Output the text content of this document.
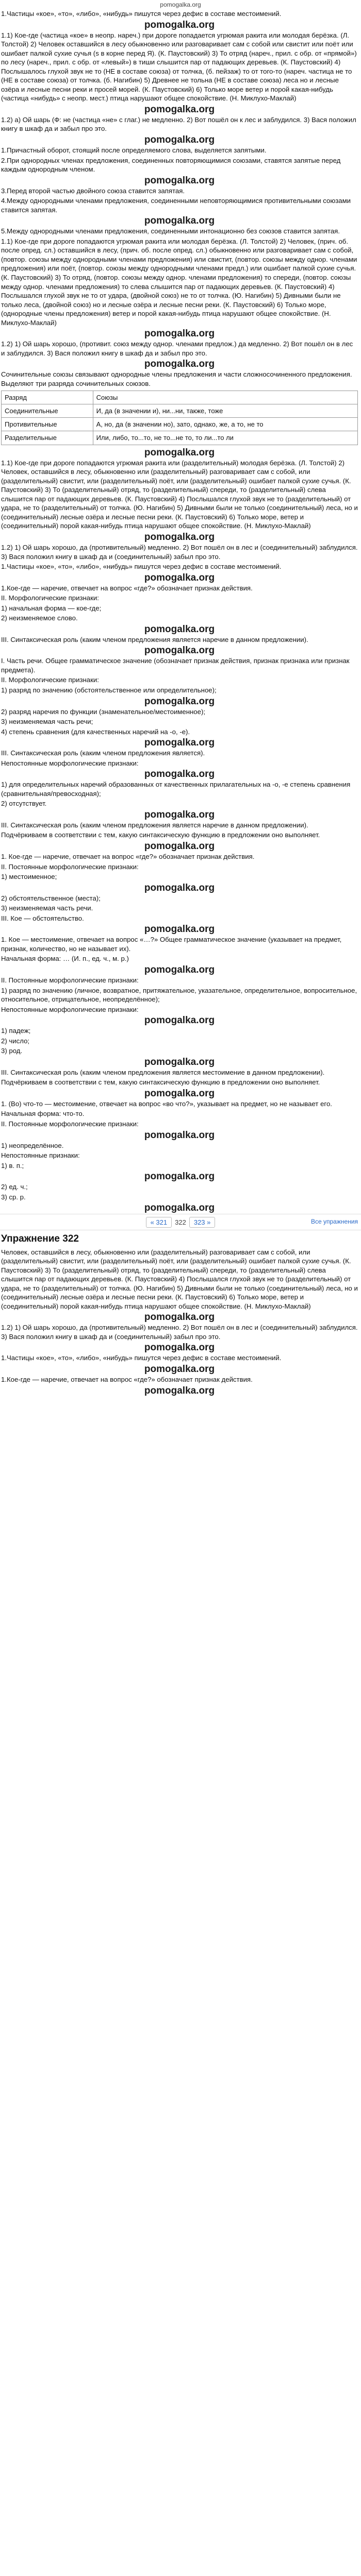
pomogalka.org

1.Частицы «кое», «то», «либо», «нибудь» пишутся через дефис в составе местоимений.

pomogalka.org

1.1) Кое-где (частица «кое» в неопр. нареч.) при дороге попадается угрюмая ракита или молодая берёзка. (Л. Толстой) 2) Человек оставшийся в лесу обыкновенно или разговаривает сам с собой или свистит или поёт или ошибает палкой сухие сучья (s в корне перед Я). (К. Паустовский) 3) То отряд (нареч., прил. с обр. от «прямой») по лесу (нареч., прил. с обр. от «левый») в тиши слышится пар от падающих деревьев. (К. Паустовский) 4) Послышалось глухой звук не то (НЕ в составе союза) от толчка, (б. пейзаж) то от того-то (нареч. частица не то (НЕ в составе союза) от толчка. (б. Нагибин) 5) Древнее не тольна (НЕ в составе союза) леса но и лесные озёра и лесные песни реки и просей морей. (К. Паустовский) 6) Только море ветер и порой какая-нибудь (частица «нибудь» с неопр. мест.) птица нарушают общее спокойствие. (Н. Миклухо-Маклай)

pomogalka.org

1.2) а) Ой шарь (Ф: не (частица «не» с глаг.) не медленно. 2) Вот пошёл он к лес и заблудился. 3) Вася положил книгу в шкаф да и забыл про это.

pomogalka.org

1.Причастный оборот, стоящий после определяемого слова, выделяется запятыми.

2.При однородных членах предложения, соединенных повторяющимися союзами, ставятся запятые перед каждым однородным членом.

pomogalka.org

3.Перед второй частью двойного союза ставится запятая.

4.Между однородными членами предложения, соединенными неповторяющимися противительными союзами ставится запятая.

pomogalka.org

5.Между однородными членами предложения, соединенными интонационно без союзов ставится запятая.

1.1) Кое-где при дороге попадаются угрюмая ракита или молодая берёзка. (Л. Толстой) 2) Человек, (прич. об. после опред. сл.) оставшийся в лесу, (прич. об. после опред. сл.) обыкновенно или разговаривает сам с собой, (повтор. союзы между однородными членами предложения) или свистит, (повтор. союзы между однор. членами предложения) или поёт, (повтор. союзы между однородными членами предл.) или ошибает палкой сухие сучья. (К. Паустовский) 3) То отряд, (повтор. союзы между однор. членами предложения) то спереди, (повтор. союзы между однор. членами предложения) то слева слышится пар от падающих деревьев. (К. Паустовский) 4) Послышался глухой звук не то от удара, (двойной союз) не то от толчка. (Ю. Нагибин) 5) Дивными были не только леса, (двойной союз) но и лесные озёра и лесные песни реки. (К. Паустовский) 6) Только море, (однородные члены предложения) ветер и порой какая-нибудь птица нарушают общее спокойствие. (Н. Миклухо-Маклай)

pomogalka.org

1.2) 1) Ой шарь хорошо, (противит. союз между однор. членами предлож.) да медленно. 2) Вот пошёл он в лес и заблудился. 3) Вася положил книгу в шкаф да и забыл про это.

pomogalka.org

Сочинительные союзы связывают однородные члены предложения и части сложносочиненного предложения. Выделяют три разряда сочинительных союзов.

Разряд	Союзы
Соединительные	И, да (в значении и), ни...ни, также, тоже
Противительные	А, но, да (в значении но), зато, однако, же, а то, не то
Разделительные	Или, либо, то...то, не то...не то, то ли...то ли
pomogalka.org

1.1) Кое-где при дороге попадаются угрюмая ракита или (разделительный) молодая берёзка. (Л. Толстой) 2) Человек, оставшийся в лесу, обыкновенно или (разделительный) разговаривает сам с собой, или (разделительный) свистит, или (разделительный) поёт, или (разделительный) ошибает палкой сухие сучья. (К. Паустовский) 3) То (разделительный) отряд, то (разделительный) спереди, то (разделительный) слева слышится пар от падающих деревьев. (К. Паустовский) 4) Послышался глухой звук не то (разделительный) от удара, не то (разделительный) от толчка. (Ю. Нагибин) 5) Дивными были не только (соединительный) леса, но и (соединительный) лесные озёра и лесные песни реки. (К. Паустовский) 6) Только море, ветер и (соединительный) порой какая-нибудь птица нарушают общее спокойствие. (Н. Миклухо-Маклай)

pomogalka.org

1.2) 1) Ой шарь хорошо, да (противительный) медленно. 2) Вот пошёл он в лес и (соединительный) заблудился. 3) Вася положил книгу в шкаф да и (соединительный) забыл про это.

1.Частицы «кое», «то», «либо», «нибудь» пишутся через дефис в составе местоимений.

pomogalka.org

1.Кое-где — наречие, отвечает на вопрос «где?» обозначает признак действия.

II. Морфологические признаки:

1) начальная форма — кое-где;

2) неизменяемое слово.

pomogalka.org

III. Синтаксическая роль (каким членом предложения является наречие в данном предложении).

pomogalka.org

I. Часть речи. Общее грамматическое значение (обозначает признак действия, признак признака или признак предмета).

II. Морфологические признаки:

1) разряд по значению (обстоятельственное или определительное);

pomogalka.org

2) разряд наречия по функции (знаменательное/местоименное);

3) неизменяемая часть речи;

4) степень сравнения (для качественных наречий на -о, -е).

pomogalka.org

III. Синтаксическая роль (каким членом предложения является).

Непостоянные морфологические признаки:

pomogalka.org

1) для определительных наречий образованных от качественных прилагательных на -о, -е степень сравнения (сравнительная/превосходная);

2) отсутствует.

pomogalka.org

III. Синтаксическая роль (каким членом предложения является наречие в данном предложении).

Подчёркиваем в соответствии с тем, какую синтаксическую функцию в предложении оно выполняет.

pomogalka.org

1. Кое-где — наречие, отвечает на вопрос «где?» обозначает признак действия.

II. Постоянные морфологические признаки:

1) местоименное;

pomogalka.org

2) обстоятельственное (места);

3) неизменяемая часть речи.

III. Кое — обстоятельство.

pomogalka.org

1. Кое — местоимение, отвечает на вопрос «…?» Общее грамматическое значение (указывает на предмет, признак, количество, но не называет их).

Начальная форма: … (И. п., ед. ч., м. р.)

pomogalka.org

II. Постоянные морфологические признаки:

1) разряд по значению (личное, возвратное, притяжательное, указательное, определительное, вопросительное, относительное, отрицательное, неопределённое);

Непостоянные морфологические признаки:

pomogalka.org

1) падеж;

2) число;

3) род.

pomogalka.org

III. Синтаксическая роль (каким членом предложения является местоимение в данном предложении).

Подчёркиваем в соответствии с тем, какую синтаксическую функцию в предложении оно выполняет.

pomogalka.org

1. (Во) что-то — местоимение, отвечает на вопрос «во что?», указывает на предмет, но не называет его.

Начальная форма: что-то.

II. Постоянные морфологические признаки:

pomogalka.org

1) неопределённое.

Непостоянные признаки:

1) в. п.;

pomogalka.org

2) ед. ч.;

3) ср. р.

pomogalka.org
« 321	322	323 »	Все упражнения
Упражнение 322

Человек, оставшийся в лесу, обыкновенно или (разделительный) разговаривает сам с собой, или (разделительный) свистит, или (разделительный) поёт, или (разделительный) ошибает палкой сухие сучья. (К. Паустовский) 3) То (разделительный) отряд, то (разделительный) спереди, то (разделительный) слева слышится пар от падающих деревьев. (К. Паустовский) 4) Послышался глухой звук не то (разделительный) от удара, не то (разделительный) от толчка. (Ю. Нагибин) 5) Дивными были не только (соединительный) леса, но и (соединительный) лесные озёра и лесные песни реки. (К. Паустовский) 6) Только море, ветер и (соединительный) порой какая-нибудь птица нарушают общее спокойствие. (Н. Миклухо-Маклай)

pomogalka.org

1.2) 1) Ой шарь хорошо, да (противительный) медленно. 2) Вот пошёл он в лес и (соединительный) заблудился. 3) Вася положил книгу в шкаф да и (соединительный) забыл про это.

pomogalka.org

1.Частицы «кое», «то», «либо», «нибудь» пишутся через дефис в составе местоимений.

pomogalka.org

1.Кое-где — наречие, отвечает на вопрос «где?» обозначает признак действия.

pomogalka.org
